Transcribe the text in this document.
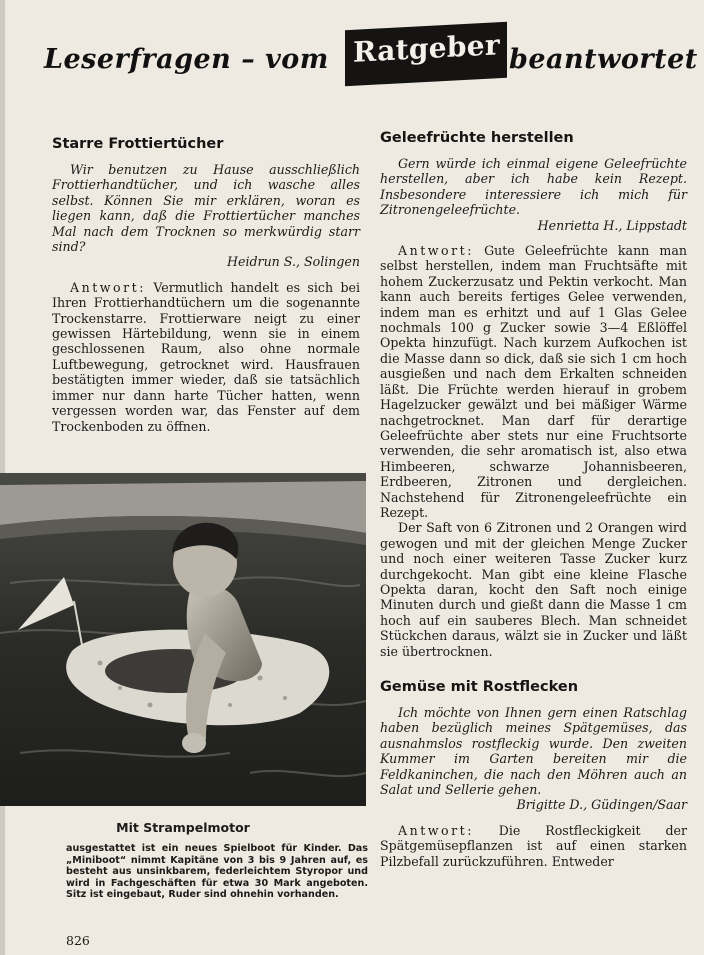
Leserfragen – vom Ratgeber beantwortet
Starre Frottiertücher

Wir benutzen zu Hause ausschließlich Frottierhandtücher, und ich wasche alles selbst. Können Sie mir erklären, woran es liegen kann, daß die Frottiertücher manches Mal nach dem Trocknen so merkwürdig starr sind?

Heidrun S., Solingen

Antwort: Vermutlich handelt es sich bei Ihren Frottierhandtüchern um die sogenannte Trockenstarre. Frottierware neigt zu einer gewissen Härtebildung, wenn sie in einem geschlossenen Raum, also ohne normale Luftbewegung, getrocknet wird. Hausfrauen bestätigten immer wieder, daß sie tatsächlich immer nur dann harte Tücher hatten, wenn vergessen worden war, das Fenster auf dem Trockenboden zu öffnen.

Mit Strampelmotor
ausgestattet ist ein neues Spielboot für Kinder. Das „Miniboot“ nimmt Kapitäne von 3 bis 9 Jahren auf, es besteht aus unsinkbarem, federleichtem Styropor und wird in Fachgeschäften für etwa 30 Mark angeboten. Sitz ist eingebaut, Ruder sind ohnehin vorhanden.
Geleefrüchte herstellen

Gern würde ich einmal eigene Geleefrüchte herstellen, aber ich habe kein Rezept. Insbesondere interessiere ich mich für Zitronengeleefrüchte.

Henrietta H., Lippstadt

Antwort: Gute Geleefrüchte kann man selbst herstellen, indem man Fruchtsäfte mit hohem Zuckerzusatz und Pektin verkocht. Man kann auch bereits fertiges Gelee verwenden, indem man es erhitzt und auf 1 Glas Gelee nochmals 100 g Zucker sowie 3—4 Eßlöffel Opekta hinzufügt. Nach kurzem Aufkochen ist die Masse dann so dick, daß sie sich 1 cm hoch ausgießen und nach dem Erkalten schneiden läßt. Die Früchte werden hierauf in grobem Hagelzucker gewälzt und bei mäßiger Wärme nachgetrocknet. Man darf für derartige Geleefrüchte aber stets nur eine Fruchtsorte verwenden, die sehr aromatisch ist, also etwa Himbeeren, schwarze Johannisbeeren, Erdbeeren, Zitronen und dergleichen. Nachstehend für Zitronengeleefrüchte ein Rezept.

Der Saft von 6 Zitronen und 2 Orangen wird gewogen und mit der gleichen Menge Zucker und noch einer weiteren Tasse Zucker kurz durchgekocht. Man gibt eine kleine Flasche Opekta daran, kocht den Saft noch einige Minuten durch und gießt dann die Masse 1 cm hoch auf ein sauberes Blech. Man schneidet Stückchen daraus, wälzt sie in Zucker und läßt sie übertrocknen.

Gemüse mit Rostflecken

Ich möchte von Ihnen gern einen Ratschlag haben bezüglich meines Spätgemüses, das ausnahmslos rostfleckig wurde. Den zweiten Kummer im Garten bereiten mir die Feldkaninchen, die nach den Möhren auch an Salat und Sellerie gehen.

Brigitte D., Güdingen/Saar

Antwort: Die Rostfleckigkeit der Spätgemüsepflanzen ist auf einen starken Pilzbefall zurückzuführen. Entweder

826
